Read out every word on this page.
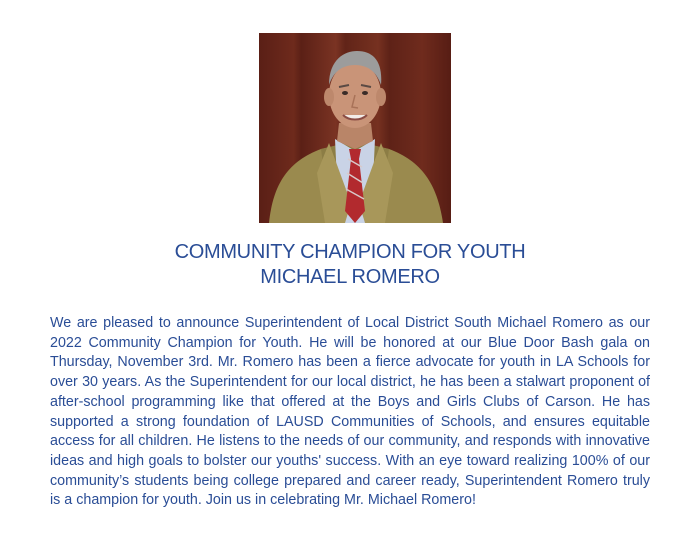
COMMUNITY CHAMPION FOR YOUTH
MICHAEL ROMERO

We are pleased to announce Superintendent of Local District South Michael Romero as our 2022 Community Champion for Youth. He will be honored at our Blue Door Bash gala on Thursday, November 3rd. Mr. Romero has been a fierce advocate for youth in LA Schools for over 30 years. As the Superintendent for our local district, he has been a stalwart proponent of after-school programming like that offered at the Boys and Girls Clubs of Carson. He has supported a strong foundation of LAUSD Communities of Schools, and ensures equitable access for all children. He listens to the needs of our community, and responds with innovative ideas and high goals to bolster our youths' success. With an eye toward realizing 100% of our community’s students being college prepared and career ready, Superintendent Romero truly is a champion for youth. Join us in celebrating Mr. Michael Romero!
